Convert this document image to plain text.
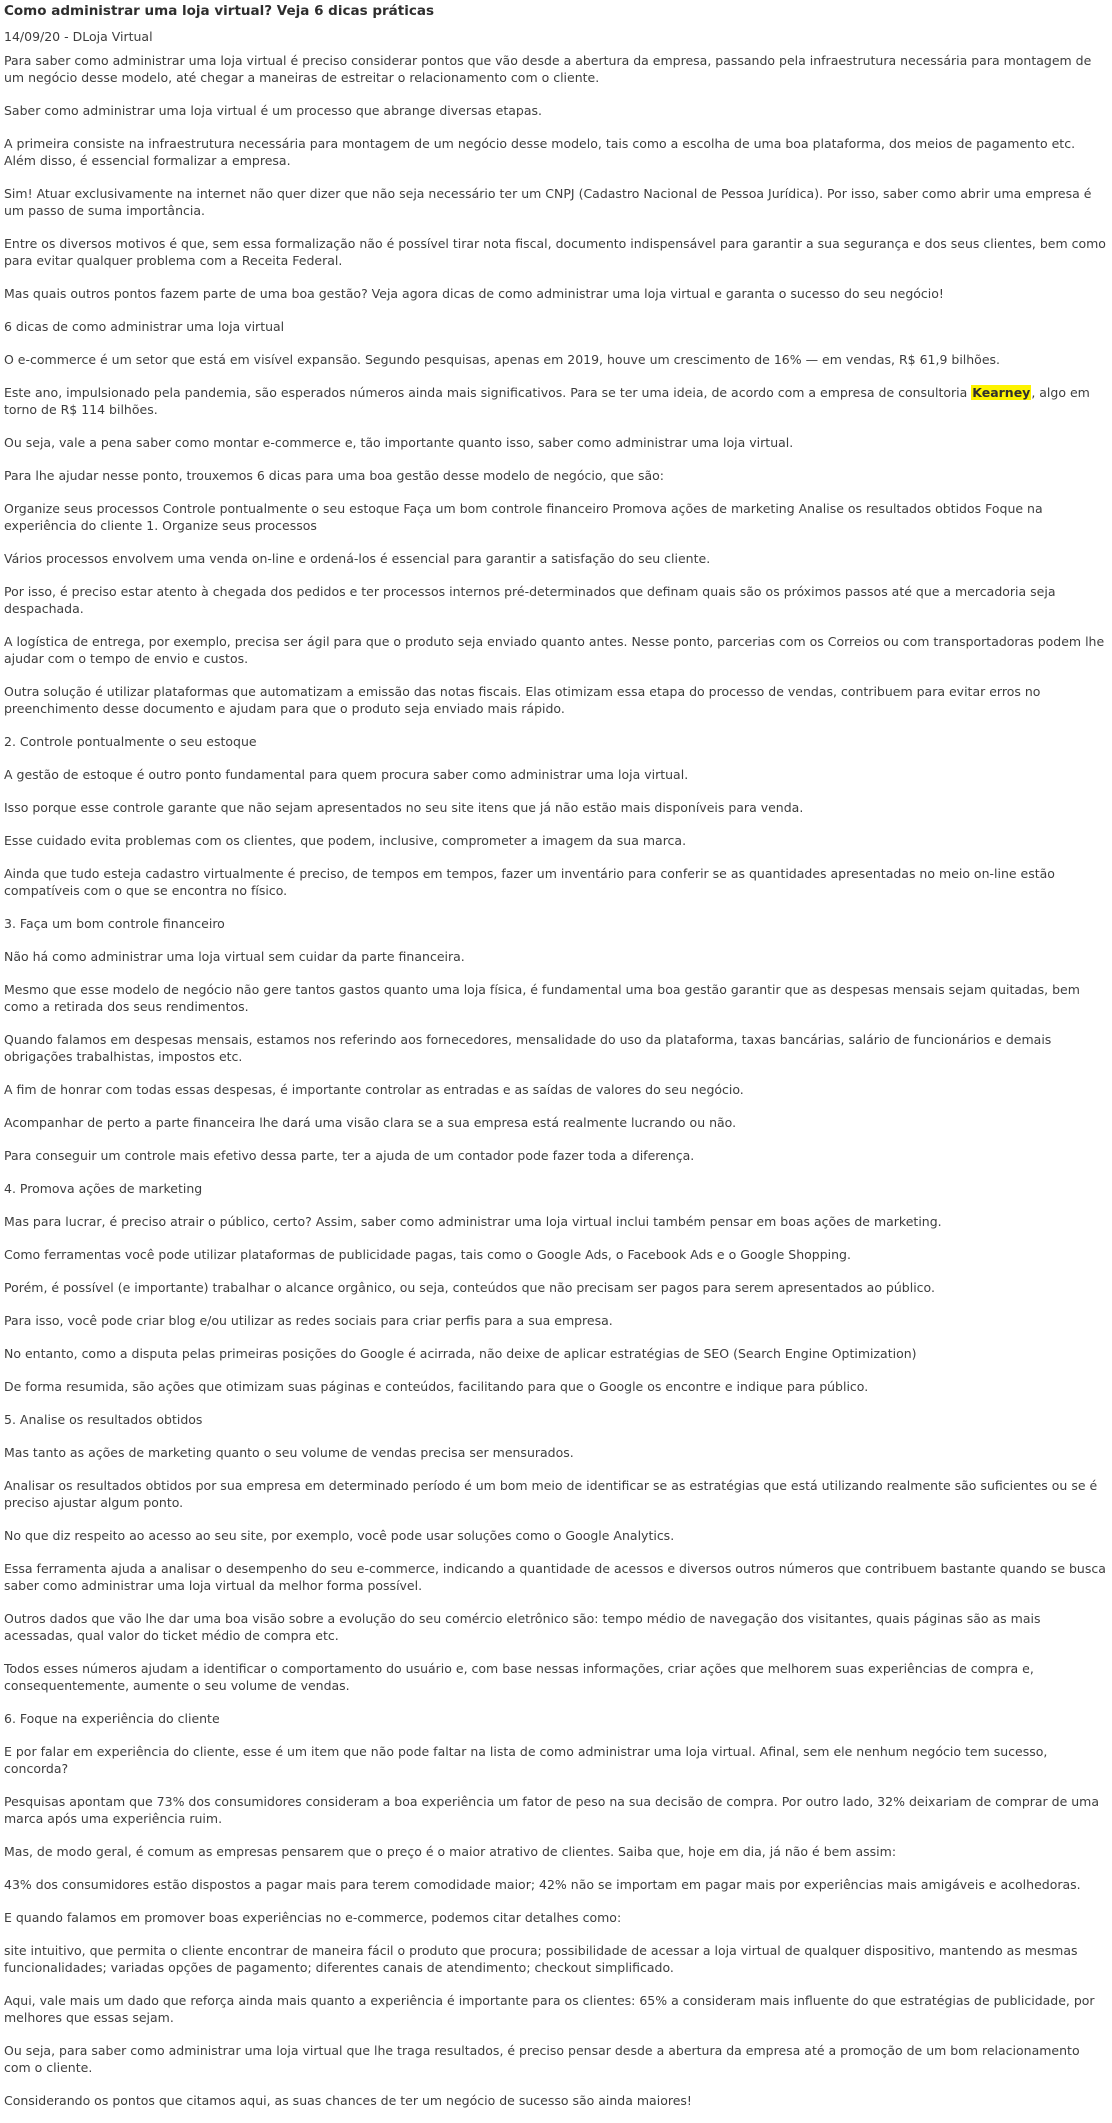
Como administrar uma loja virtual? Veja 6 dicas práticas

14/09/20 - DLoja Virtual

Para saber como administrar uma loja virtual é preciso considerar pontos que vão desde a abertura da empresa, passando pela infraestrutura necessária para montagem de um negócio desse modelo, até chegar a maneiras de estreitar o relacionamento com o cliente.

Saber como administrar uma loja virtual é um processo que abrange diversas etapas.

A primeira consiste na infraestrutura necessária para montagem de um negócio desse modelo, tais como a escolha de uma boa plataforma, dos meios de pagamento etc. Além disso, é essencial formalizar a empresa.

Sim! Atuar exclusivamente na internet não quer dizer que não seja necessário ter um CNPJ (Cadastro Nacional de Pessoa Jurídica). Por isso, saber como abrir uma empresa é um passo de suma importância.

Entre os diversos motivos é que, sem essa formalização não é possível tirar nota fiscal, documento indispensável para garantir a sua segurança e dos seus clientes, bem como para evitar qualquer problema com a Receita Federal.

Mas quais outros pontos fazem parte de uma boa gestão? Veja agora dicas de como administrar uma loja virtual e garanta o sucesso do seu negócio!

6 dicas de como administrar uma loja virtual

O e-commerce é um setor que está em visível expansão. Segundo pesquisas, apenas em 2019, houve um crescimento de 16% — em vendas, R$ 61,9 bilhões.

Este ano, impulsionado pela pandemia, são esperados números ainda mais significativos. Para se ter uma ideia, de acordo com a empresa de consultoria Kearney, algo em torno de R$ 114 bilhões.

Ou seja, vale a pena saber como montar e-commerce e, tão importante quanto isso, saber como administrar uma loja virtual.

Para lhe ajudar nesse ponto, trouxemos 6 dicas para uma boa gestão desse modelo de negócio, que são:

Organize seus processos Controle pontualmente o seu estoque Faça um bom controle financeiro Promova ações de marketing Analise os resultados obtidos Foque na experiência do cliente 1. Organize seus processos

Vários processos envolvem uma venda on-line e ordená-los é essencial para garantir a satisfação do seu cliente.

Por isso, é preciso estar atento à chegada dos pedidos e ter processos internos pré-determinados que definam quais são os próximos passos até que a mercadoria seja despachada.

A logística de entrega, por exemplo, precisa ser ágil para que o produto seja enviado quanto antes. Nesse ponto, parcerias com os Correios ou com transportadoras podem lhe ajudar com o tempo de envio e custos.

Outra solução é utilizar plataformas que automatizam a emissão das notas fiscais. Elas otimizam essa etapa do processo de vendas, contribuem para evitar erros no preenchimento desse documento e ajudam para que o produto seja enviado mais rápido.

2. Controle pontualmente o seu estoque

A gestão de estoque é outro ponto fundamental para quem procura saber como administrar uma loja virtual.

Isso porque esse controle garante que não sejam apresentados no seu site itens que já não estão mais disponíveis para venda.

Esse cuidado evita problemas com os clientes, que podem, inclusive, comprometer a imagem da sua marca.

Ainda que tudo esteja cadastro virtualmente é preciso, de tempos em tempos, fazer um inventário para conferir se as quantidades apresentadas no meio on-line estão compatíveis com o que se encontra no físico.

3. Faça um bom controle financeiro

Não há como administrar uma loja virtual sem cuidar da parte financeira.

Mesmo que esse modelo de negócio não gere tantos gastos quanto uma loja física, é fundamental uma boa gestão garantir que as despesas mensais sejam quitadas, bem como a retirada dos seus rendimentos.

Quando falamos em despesas mensais, estamos nos referindo aos fornecedores, mensalidade do uso da plataforma, taxas bancárias, salário de funcionários e demais obrigações trabalhistas, impostos etc.

A fim de honrar com todas essas despesas, é importante controlar as entradas e as saídas de valores do seu negócio.

Acompanhar de perto a parte financeira lhe dará uma visão clara se a sua empresa está realmente lucrando ou não.

Para conseguir um controle mais efetivo dessa parte, ter a ajuda de um contador pode fazer toda a diferença.

4. Promova ações de marketing

Mas para lucrar, é preciso atrair o público, certo? Assim, saber como administrar uma loja virtual inclui também pensar em boas ações de marketing.

Como ferramentas você pode utilizar plataformas de publicidade pagas, tais como o Google Ads, o Facebook Ads e o Google Shopping.

Porém, é possível (e importante) trabalhar o alcance orgânico, ou seja, conteúdos que não precisam ser pagos para serem apresentados ao público.

Para isso, você pode criar blog e/ou utilizar as redes sociais para criar perfis para a sua empresa.

No entanto, como a disputa pelas primeiras posições do Google é acirrada, não deixe de aplicar estratégias de SEO (Search Engine Optimization)

De forma resumida, são ações que otimizam suas páginas e conteúdos, facilitando para que o Google os encontre e indique para público.

5. Analise os resultados obtidos

Mas tanto as ações de marketing quanto o seu volume de vendas precisa ser mensurados.

Analisar os resultados obtidos por sua empresa em determinado período é um bom meio de identificar se as estratégias que está utilizando realmente são suficientes ou se é preciso ajustar algum ponto.

No que diz respeito ao acesso ao seu site, por exemplo, você pode usar soluções como o Google Analytics.

Essa ferramenta ajuda a analisar o desempenho do seu e-commerce, indicando a quantidade de acessos e diversos outros números que contribuem bastante quando se busca saber como administrar uma loja virtual da melhor forma possível.

Outros dados que vão lhe dar uma boa visão sobre a evolução do seu comércio eletrônico são: tempo médio de navegação dos visitantes, quais páginas são as mais acessadas, qual valor do ticket médio de compra etc.

Todos esses números ajudam a identificar o comportamento do usuário e, com base nessas informações, criar ações que melhorem suas experiências de compra e, consequentemente, aumente o seu volume de vendas.

6. Foque na experiência do cliente

E por falar em experiência do cliente, esse é um item que não pode faltar na lista de como administrar uma loja virtual. Afinal, sem ele nenhum negócio tem sucesso, concorda?

Pesquisas apontam que 73% dos consumidores consideram a boa experiência um fator de peso na sua decisão de compra. Por outro lado, 32% deixariam de comprar de uma marca após uma experiência ruim.

Mas, de modo geral, é comum as empresas pensarem que o preço é o maior atrativo de clientes. Saiba que, hoje em dia, já não é bem assim:

43% dos consumidores estão dispostos a pagar mais para terem comodidade maior; 42% não se importam em pagar mais por experiências mais amigáveis e acolhedoras.

E quando falamos em promover boas experiências no e-commerce, podemos citar detalhes como:

site intuitivo, que permita o cliente encontrar de maneira fácil o produto que procura; possibilidade de acessar a loja virtual de qualquer dispositivo, mantendo as mesmas funcionalidades; variadas opções de pagamento; diferentes canais de atendimento; checkout simplificado.

Aqui, vale mais um dado que reforça ainda mais quanto a experiência é importante para os clientes: 65% a consideram mais influente do que estratégias de publicidade, por melhores que essas sejam.

Ou seja, para saber como administrar uma loja virtual que lhe traga resultados, é preciso pensar desde a abertura da empresa até a promoção de um bom relacionamento com o cliente.

Considerando os pontos que citamos aqui, as suas chances de ter um negócio de sucesso são ainda maiores!
